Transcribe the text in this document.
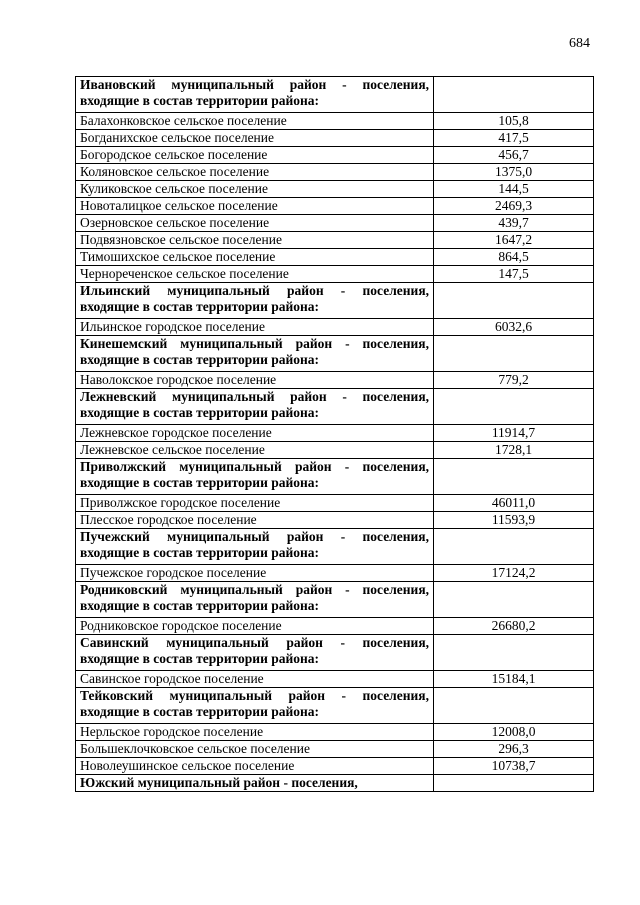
684
Ивановский муниципальный район - поселения, входящие в состав территории района:	
Балахонковское сельское поселение	105,8
Богданихское сельское поселение	417,5
Богородское сельское поселение	456,7
Коляновское сельское поселение	1375,0
Куликовское сельское поселение	144,5
Новоталицкое сельское поселение	2469,3
Озерновское сельское поселение	439,7
Подвязновское сельское поселение	1647,2
Тимошихское сельское поселение	864,5
Чернореченское сельское поселение	147,5
Ильинский муниципальный район - поселения, входящие в состав территории района:	
Ильинское городское поселение	6032,6
Кинешемский муниципальный район - поселения, входящие в состав территории района:	
Наволокское городское поселение	779,2
Лежневский муниципальный район - поселения, входящие в состав территории района:	
Лежневское городское поселение	11914,7
Лежневское сельское поселение	1728,1
Приволжский муниципальный район - поселения, входящие в состав территории района:	
Приволжское городское поселение	46011,0
Плесское городское поселение	11593,9
Пучежский муниципальный район - поселения, входящие в состав территории района:	
Пучежское городское поселение	17124,2
Родниковский муниципальный район - поселения, входящие в состав территории района:	
Родниковское городское поселение	26680,2
Савинский муниципальный район - поселения, входящие в состав территории района:	
Савинское городское поселение	15184,1
Тейковский муниципальный район - поселения, входящие в состав территории района:	
Нерльское городское поселение	12008,0
Большеклочковское сельское поселение	296,3
Новолеушинское сельское поселение	10738,7
Южский муниципальный район - поселения,	
